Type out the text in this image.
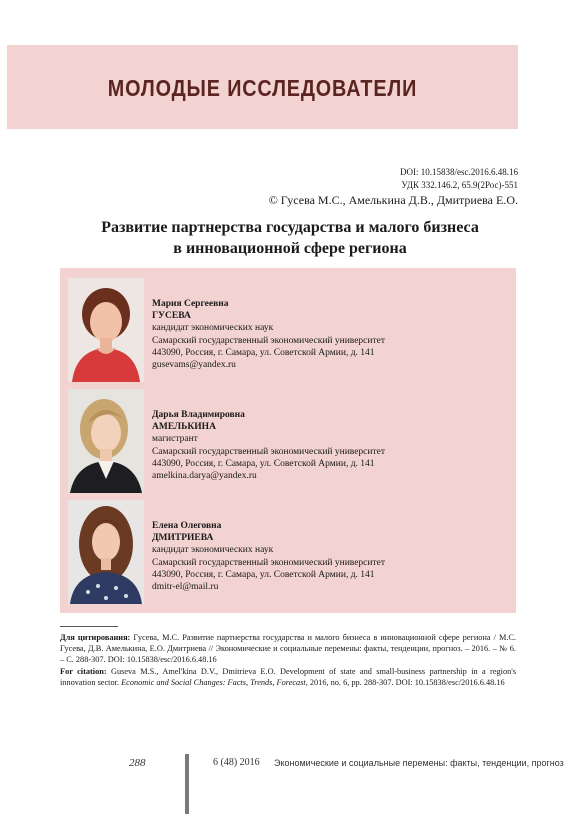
МОЛОДЫЕ ИССЛЕДОВАТЕЛИ
DOI: 10.15838/esc.2016.6.48.16
УДК 332.146.2, 65.9(2Рос)-551
© Гусева М.С., Амелькина Д.В., Дмитриева Е.О.
Развитие партнерства государства и малого бизнеса
в инновационной сфере региона
Мария Сергеевна
ГУСЕВА
кандидат экономических наук
Самарский государственный экономический университет
443090, Россия, г. Самара, ул. Советской Армии, д. 141
gusevams@yandex.ru
Дарья Владимировна
АМЕЛЬКИНА
магистрант
Самарский государственный экономический университет
443090, Россия, г. Самара, ул. Советской Армии, д. 141
amelkina.darya@yandex.ru
Елена Олеговна
ДМИТРИЕВА
кандидат экономических наук
Самарский государственный экономический университет
443090, Россия, г. Самара, ул. Советской Армии, д. 141
dmitr-el@mail.ru
Для цитирования: Гусева, М.С. Развитие партнерства государства и малого бизнеса в инновационной сфере региона / М.С. Гусева, Д.В. Амелькина, Е.О. Дмитриева // Экономические и социальные перемены: факты, тенденции, прогноз. – 2016. – № 6. – С. 288-307. DOI: 10.15838/esc/2016.6.48.16
For citation: Guseva M.S., Amel'kina D.V., Dmitrieva E.O. Development of state and small-business partnership in a region's innovation sector. Economic and Social Changes: Facts, Trends, Forecast, 2016, no. 6, pp. 288-307. DOI: 10.15838/esc/2016.6.48.16
288	6 (48) 2016 Экономические и социальные перемены: факты, тенденции, прогноз
